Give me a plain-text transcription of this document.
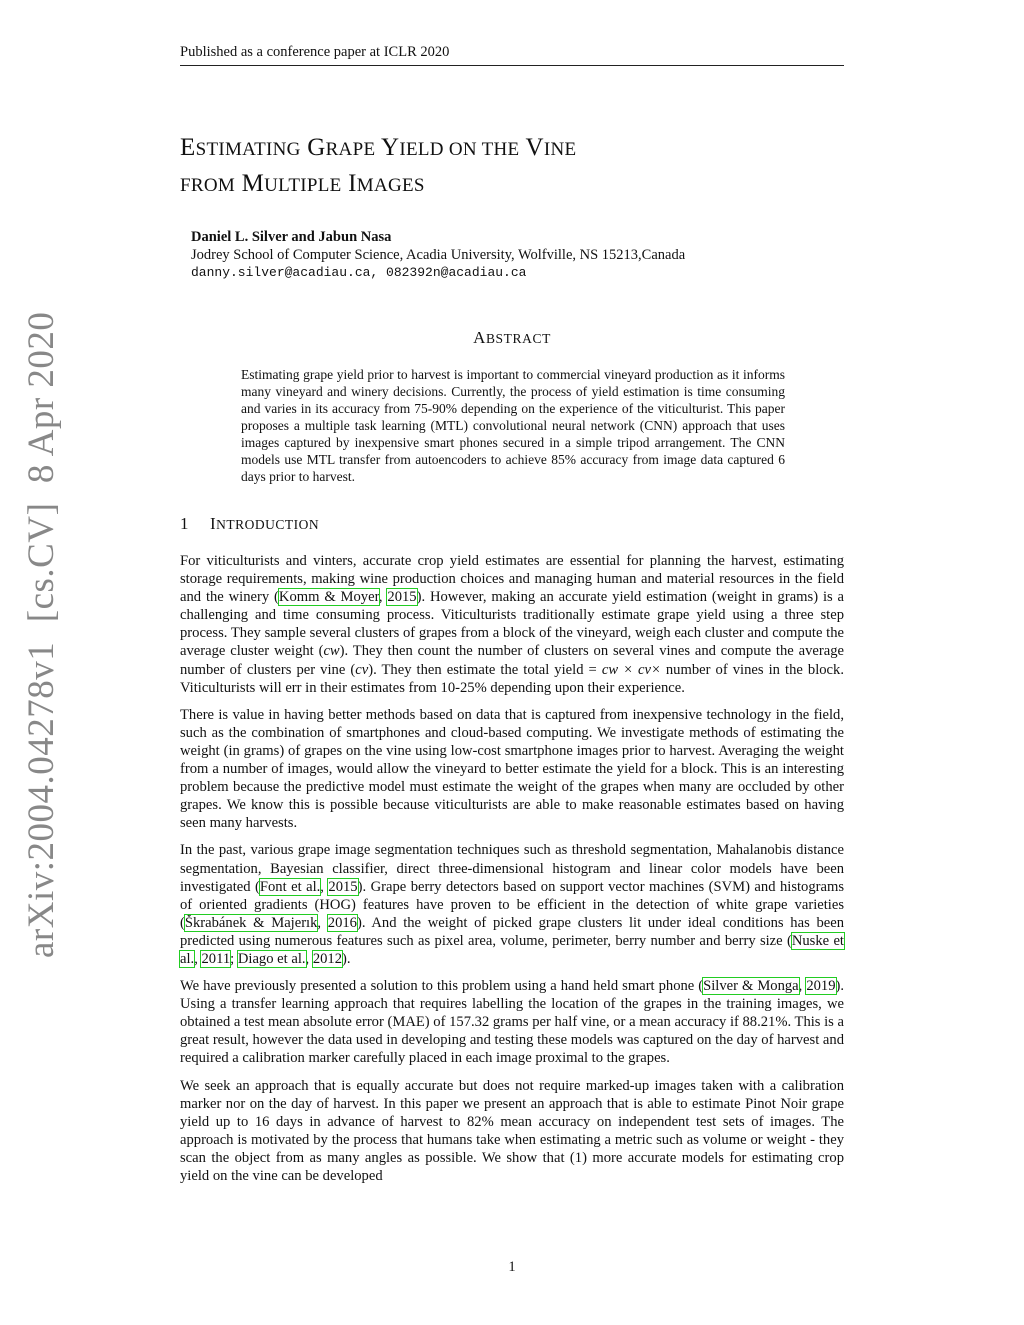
Published as a conference paper at ICLR 2020
ESTIMATING GRAPE YIELD ON THE VINE
FROM MULTIPLE IMAGES
Daniel L. Silver and Jabun Nasa
Jodrey School of Computer Science, Acadia University, Wolfville, NS 15213,Canada
danny.silver@acadiau.ca, 082392n@acadiau.ca
ABSTRACT

Estimating grape yield prior to harvest is important to commercial vineyard production as it informs many vineyard and winery decisions. Currently, the process of yield estimation is time consuming and varies in its accuracy from 75-90% depending on the experience of the viticulturist. This paper proposes a multiple task learning (MTL) convolutional neural network (CNN) approach that uses images captured by inexpensive smart phones secured in a simple tripod arrangement. The CNN models use MTL transfer from autoencoders to achieve 85% accuracy from image data captured 6 days prior to harvest.

1 INTRODUCTION

For viticulturists and vinters, accurate crop yield estimates are essential for planning the harvest, estimating storage requirements, making wine production choices and managing human and material resources in the field and the winery (Komm & Moyer, 2015). However, making an accurate yield estimation (weight in grams) is a challenging and time consuming process. Viticulturists traditionally estimate grape yield using a three step process. They sample several clusters of grapes from a block of the vineyard, weigh each cluster and compute the average cluster weight (cw). They then count the number of clusters on several vines and compute the average number of clusters per vine (cv). They then estimate the total yield = cw × cv× number of vines in the block. Viticulturists will err in their estimates from 10-25% depending upon their experience.

There is value in having better methods based on data that is captured from inexpensive technology in the field, such as the combination of smartphones and cloud-based computing. We investigate methods of estimating the weight (in grams) of grapes on the vine using low-cost smartphone images prior to harvest. Averaging the weight from a number of images, would allow the vineyard to better estimate the yield for a block. This is an interesting problem because the predictive model must estimate the weight of the grapes when many are occluded by other grapes. We know this is possible because viticulturists are able to make reasonable estimates based on having seen many harvests.

In the past, various grape image segmentation techniques such as threshold segmentation, Mahalanobis distance segmentation, Bayesian classifier, direct three-dimensional histogram and linear color models have been investigated (Font et al., 2015). Grape berry detectors based on support vector machines (SVM) and histograms of oriented gradients (HOG) features have proven to be efficient in the detection of white grape varieties (Škrabánek & Majerık, 2016). And the weight of picked grape clusters lit under ideal conditions has been predicted using numerous features such as pixel area, volume, perimeter, berry number and berry size (Nuske et al., 2011; Diago et al., 2012).

We have previously presented a solution to this problem using a hand held smart phone (Silver & Monga, 2019). Using a transfer learning approach that requires labelling the location of the grapes in the training images, we obtained a test mean absolute error (MAE) of 157.32 grams per half vine, or a mean accuracy if 88.21%. This is a great result, however the data used in developing and testing these models was captured on the day of harvest and required a calibration marker carefully placed in each image proximal to the grapes.

We seek an approach that is equally accurate but does not require marked-up images taken with a calibration marker nor on the day of harvest. In this paper we present an approach that is able to estimate Pinot Noir grape yield up to 16 days in advance of harvest to 82% mean accuracy on independent test sets of images. The approach is motivated by the process that humans take when estimating a metric such as volume or weight - they scan the object from as many angles as possible. We show that (1) more accurate models for estimating crop yield on the vine can be developed

1
arXiv:2004.04278v1  [cs.CV]  8 Apr 2020
